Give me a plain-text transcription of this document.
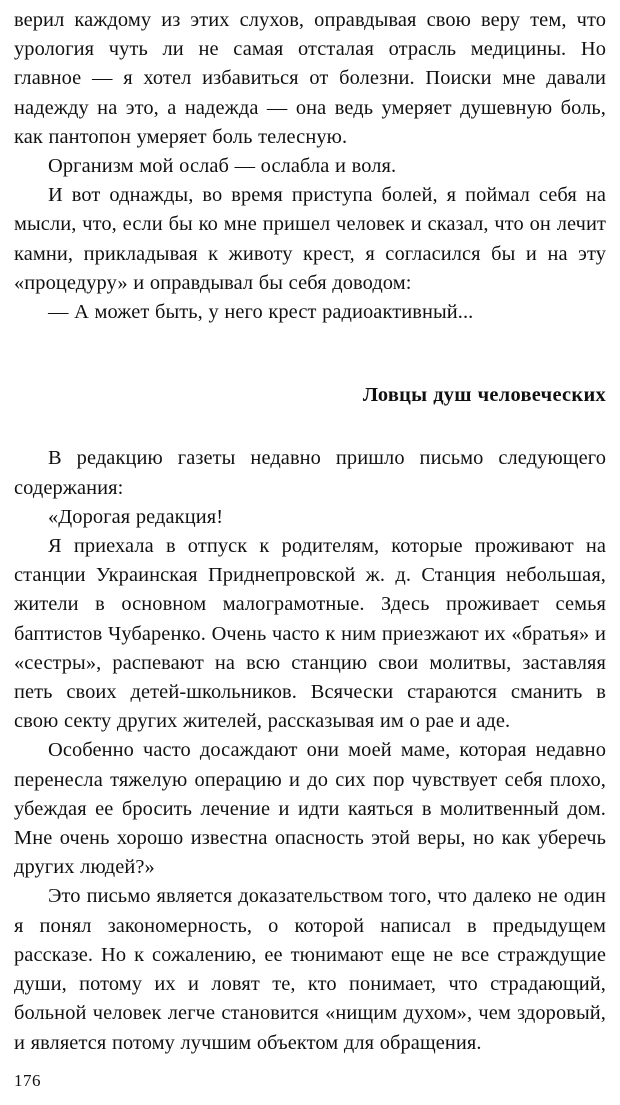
верил каждому из этих слухов, оправдывая свою веру тем, что урология чуть ли не самая отсталая отрасль медицины. Но главное — я хотел избавиться от болезни. Поиски мне давали надежду на это, а надежда — она ведь умеряет душевную боль, как пантопон умеряет боль телесную.

Организм мой ослаб — ослабла и воля.

И вот однажды, во время приступа болей, я поймал себя на мысли, что, если бы ко мне пришел человек и сказал, что он лечит камни, прикладывая к животу крест, я согласился бы и на эту «процедуру» и оправдывал бы себя доводом:

— А может быть, у него крест радиоактивный...

Ловцы душ человеческих

В редакцию газеты недавно пришло письмо следующего содержания:

«Дорогая редакция!

Я приехала в отпуск к родителям, которые проживают на станции Украинская Приднепровской ж. д. Станция небольшая, жители в основном малограмотные. Здесь проживает семья баптистов Чубаренко. Очень часто к ним приезжают их «братья» и «сестры», распевают на всю станцию свои молитвы, заставляя петь своих детей-школьников. Всячески стараются сманить в свою секту других жителей, рассказывая им о рае и аде.

Особенно часто досаждают они моей маме, которая недавно перенесла тяжелую операцию и до сих пор чувствует себя плохо, убеждая ее бросить лечение и идти каяться в молитвенный дом. Мне очень хорошо известна опасность этой веры, но как уберечь других людей?»

Это письмо является доказательством того, что далеко не один я понял закономерность, о которой написал в предыдущем рассказе. Но к сожалению, ее тюнимают еще не все страждущие души, потому их и ловят те, кто понимает, что страдающий, больной человек легче становится «нищим духом», чем здоровый, и является потому лучшим объектом для обращения.

176
